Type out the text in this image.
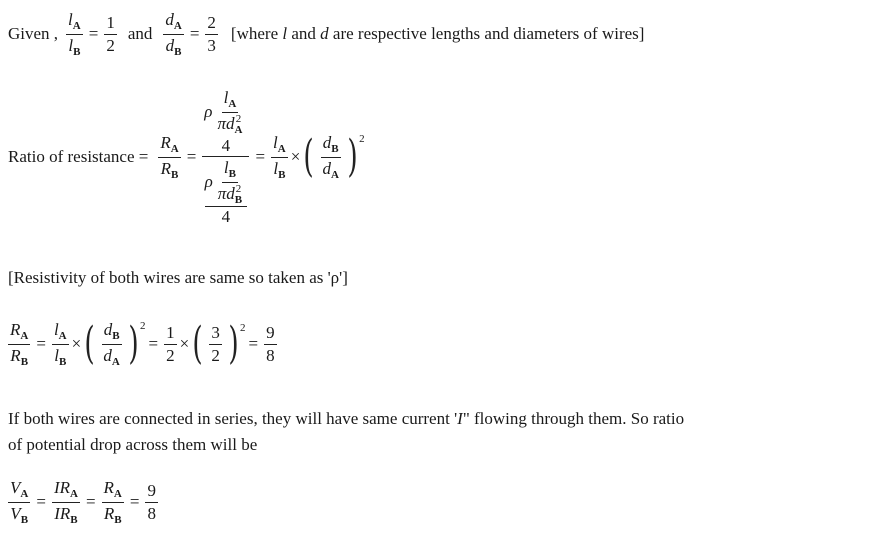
Given , $\frac{l_A}{l_B} = \frac{1}{2}$ and $\frac{d_A}{d_B} = \frac{2}{3}$ [where l and d are respective lengths and diameters of wires]
Ratio of resistance = $\frac{R_A}{R_B}$ =
ρ $l_A$
πd 2
A
4
ρ $l_B$
πd 2
B
4
= $\frac{l_A}{l_B}$ × ( $\frac{d_B}{d_A}$ ) 2
[Resistivity of both wires are same so taken as 'ρ']
$\frac{R_A}{R_B} = \frac{l_A}{l_B}$ × ( $\frac{d_B}{d_A}$ ) 2
= $\frac{1}{2}$ × ( $\frac{3}{2}$ ) 2
= $\frac{9}{8}$
If both wires are connected in series, they will have same current 'I" flowing through them. So ratio
of potential drop across them will be
$\frac{V_A}{V_B} = \frac{IR_A}{IR_B} = \frac{R_A}{R_B} = \frac{9}{8}$
